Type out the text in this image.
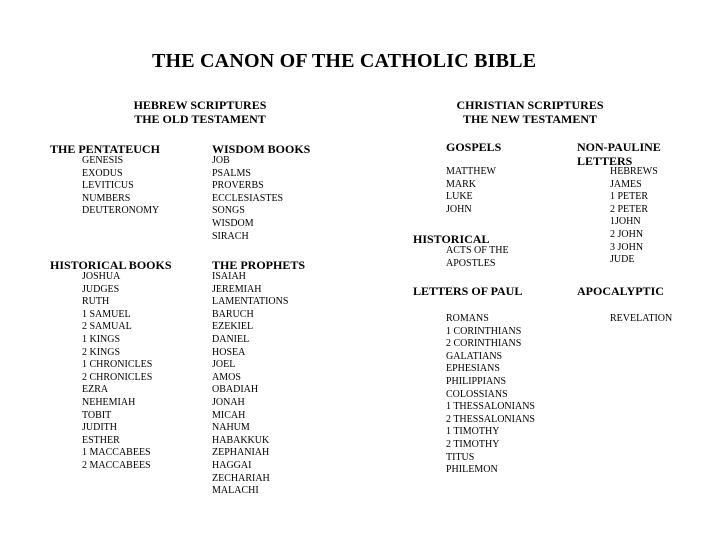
THE CANON OF THE CATHOLIC BIBLE
HEBREW SCRIPTURES
THE OLD TESTAMENT
CHRISTIAN SCRIPTURES
THE NEW TESTAMENT
THE PENTATEUCH
GENESIS
EXODUS
LEVITICUS
NUMBERS
DEUTERONOMY
WISDOM BOOKS
JOB
PSALMS
PROVERBS
ECCLESIASTES
SONGS
WISDOM
SIRACH
HISTORICAL BOOKS
JOSHUA
JUDGES
RUTH
1 SAMUEL
2 SAMUAL
1 KINGS
2 KINGS
1 CHRONICLES
2 CHRONICLES
EZRA
NEHEMIAH
TOBIT
JUDITH
ESTHER
1 MACCABEES
2 MACCABEES
THE PROPHETS
ISAIAH
JEREMIAH
LAMENTATIONS
BARUCH
EZEKIEL
DANIEL
HOSEA
JOEL
AMOS
OBADIAH
JONAH
MICAH
NAHUM
HABAKKUK
ZEPHANIAH
HAGGAI
ZECHARIAH
MALACHI
GOSPELS
MATTHEW
MARK
LUKE
JOHN
NON-PAULINE
LETTERS
HEBREWS
JAMES
1 PETER
2 PETER
1JOHN
2 JOHN
3 JOHN
JUDE
HISTORICAL
ACTS OF THE
APOSTLES
LETTERS OF PAUL
ROMANS
1 CORINTHIANS
2 CORINTHIANS
GALATIANS
EPHESIANS
PHILIPPIANS
COLOSSIANS
1 THESSALONIANS
2 THESSALONIANS
1 TIMOTHY
2 TIMOTHY
TITUS
PHILEMON
APOCALYPTIC
REVELATION
